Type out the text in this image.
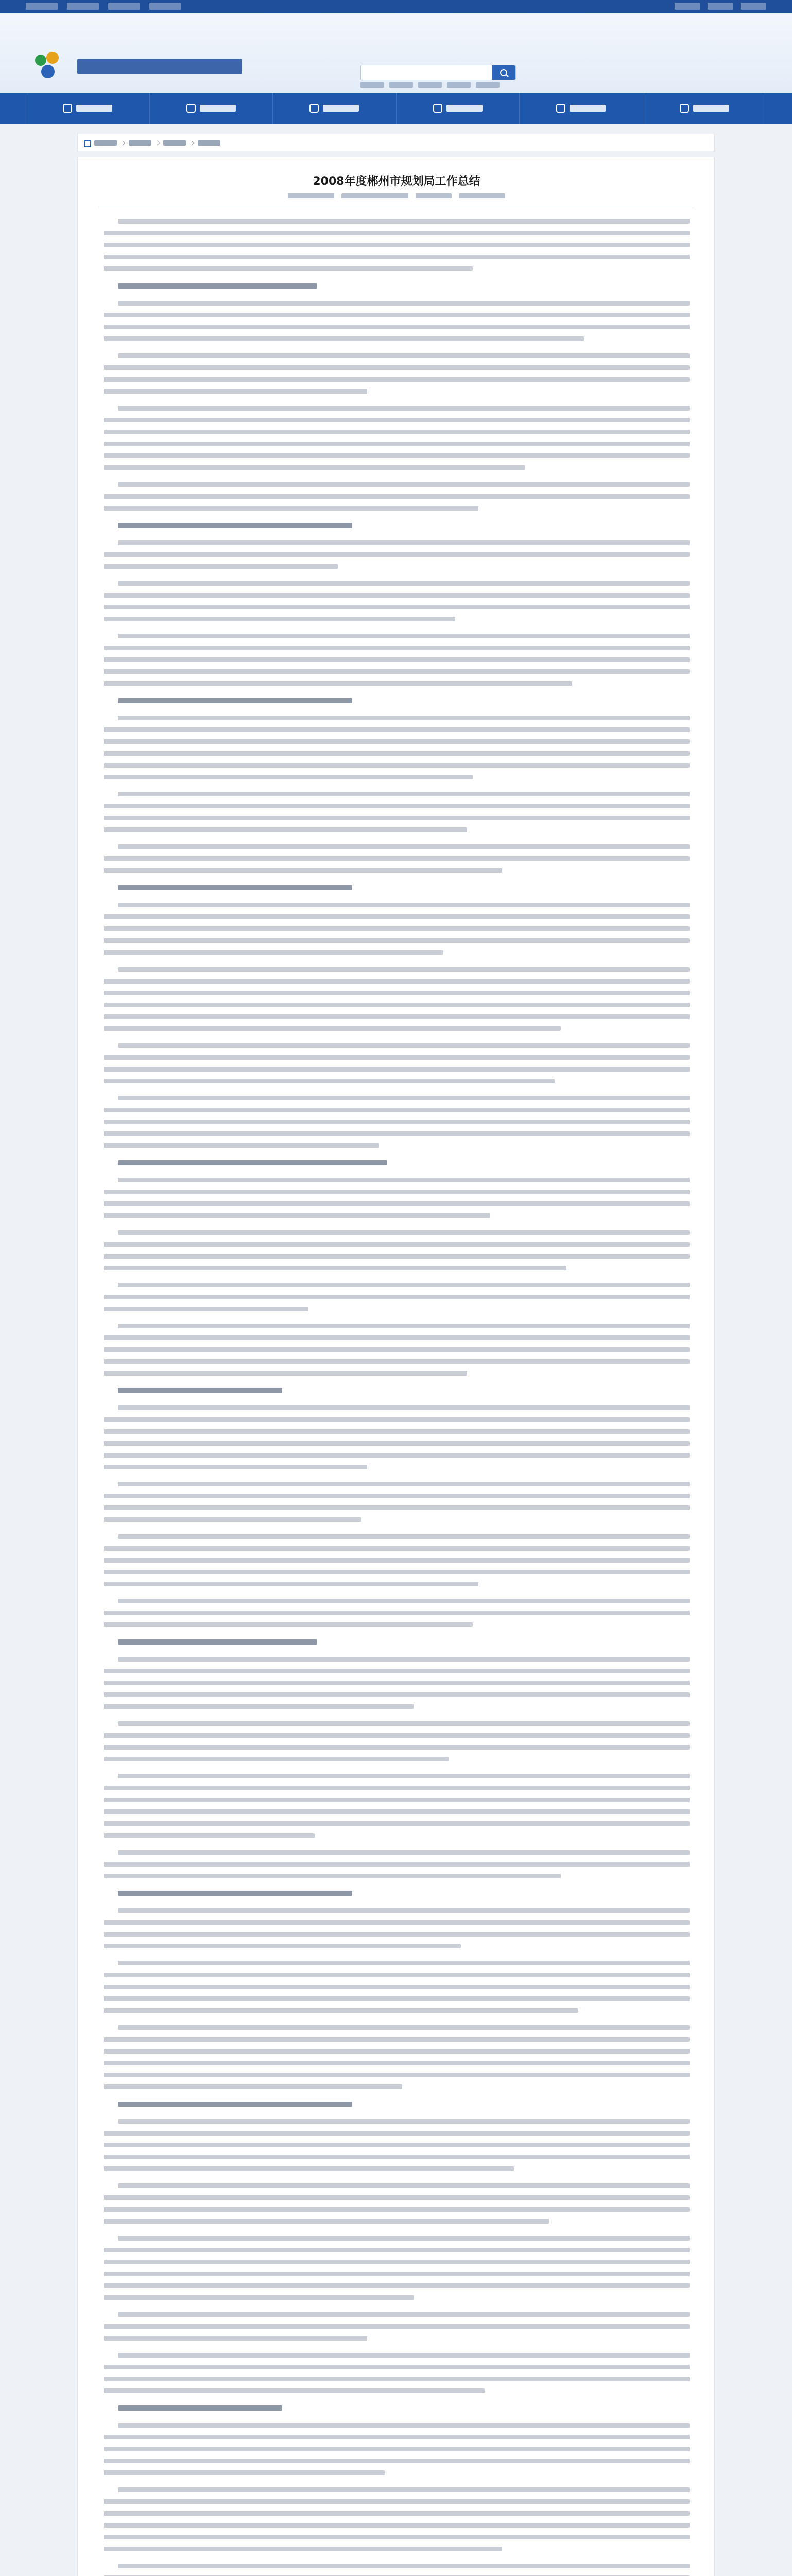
2008年度郴州市规划局工作总结
